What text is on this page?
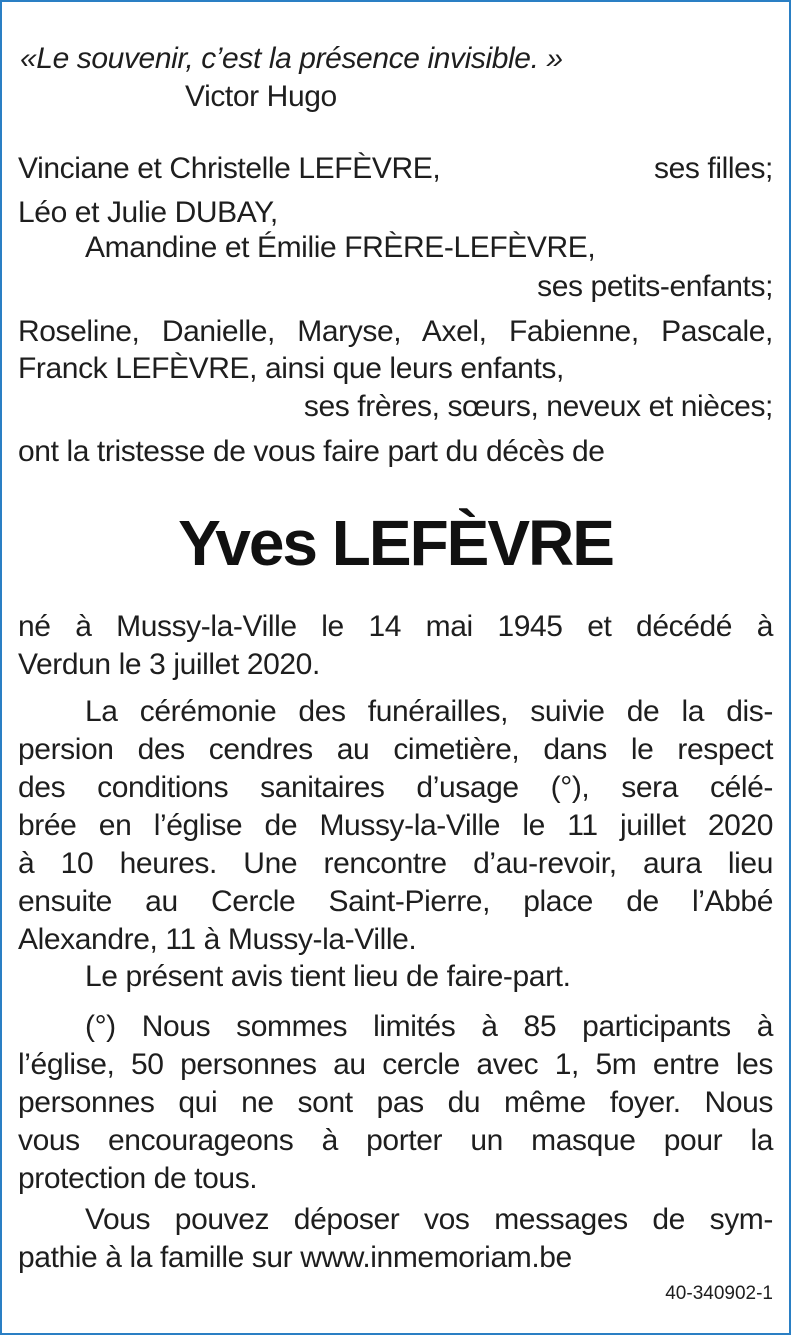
«Le souvenir, c’est la présence invisible. »
Victor Hugo
Vinciane et Christelle LEFÈVRE,	ses filles;
Léo et Julie DUBAY,
Amandine et Émilie FRÈRE-LEFÈVRE,
ses petits-enfants;
Roseline, Danielle, Maryse, Axel, Fabienne, Pascale,
Franck LEFÈVRE, ainsi que leurs enfants,
ses frères, sœurs, neveux et nièces;
ont la tristesse de vous faire part du décès de
Yves LEFÈVRE
né à Mussy-la-Ville le 14 mai 1945 et décédé à
Verdun le 3 juillet 2020.
La cérémonie des funérailles, suivie de la dis-
persion des cendres au cimetière, dans le respect
des conditions sanitaires d’usage (°), sera célé-
brée en l’église de Mussy-la-Ville le 11 juillet 2020
à 10 heures. Une rencontre d’au-revoir, aura lieu
ensuite au Cercle Saint-Pierre, place de l’Abbé
Alexandre, 11 à Mussy-la-Ville.
Le présent avis tient lieu de faire-part.
(°) Nous sommes limités à 85 participants à
l’église, 50 personnes au cercle avec 1, 5m entre les
personnes qui ne sont pas du même foyer. Nous
vous encourageons à porter un masque pour la
protection de tous.
Vous pouvez déposer vos messages de sym-
pathie à la famille sur www.inmemoriam.be
40-340902-1
